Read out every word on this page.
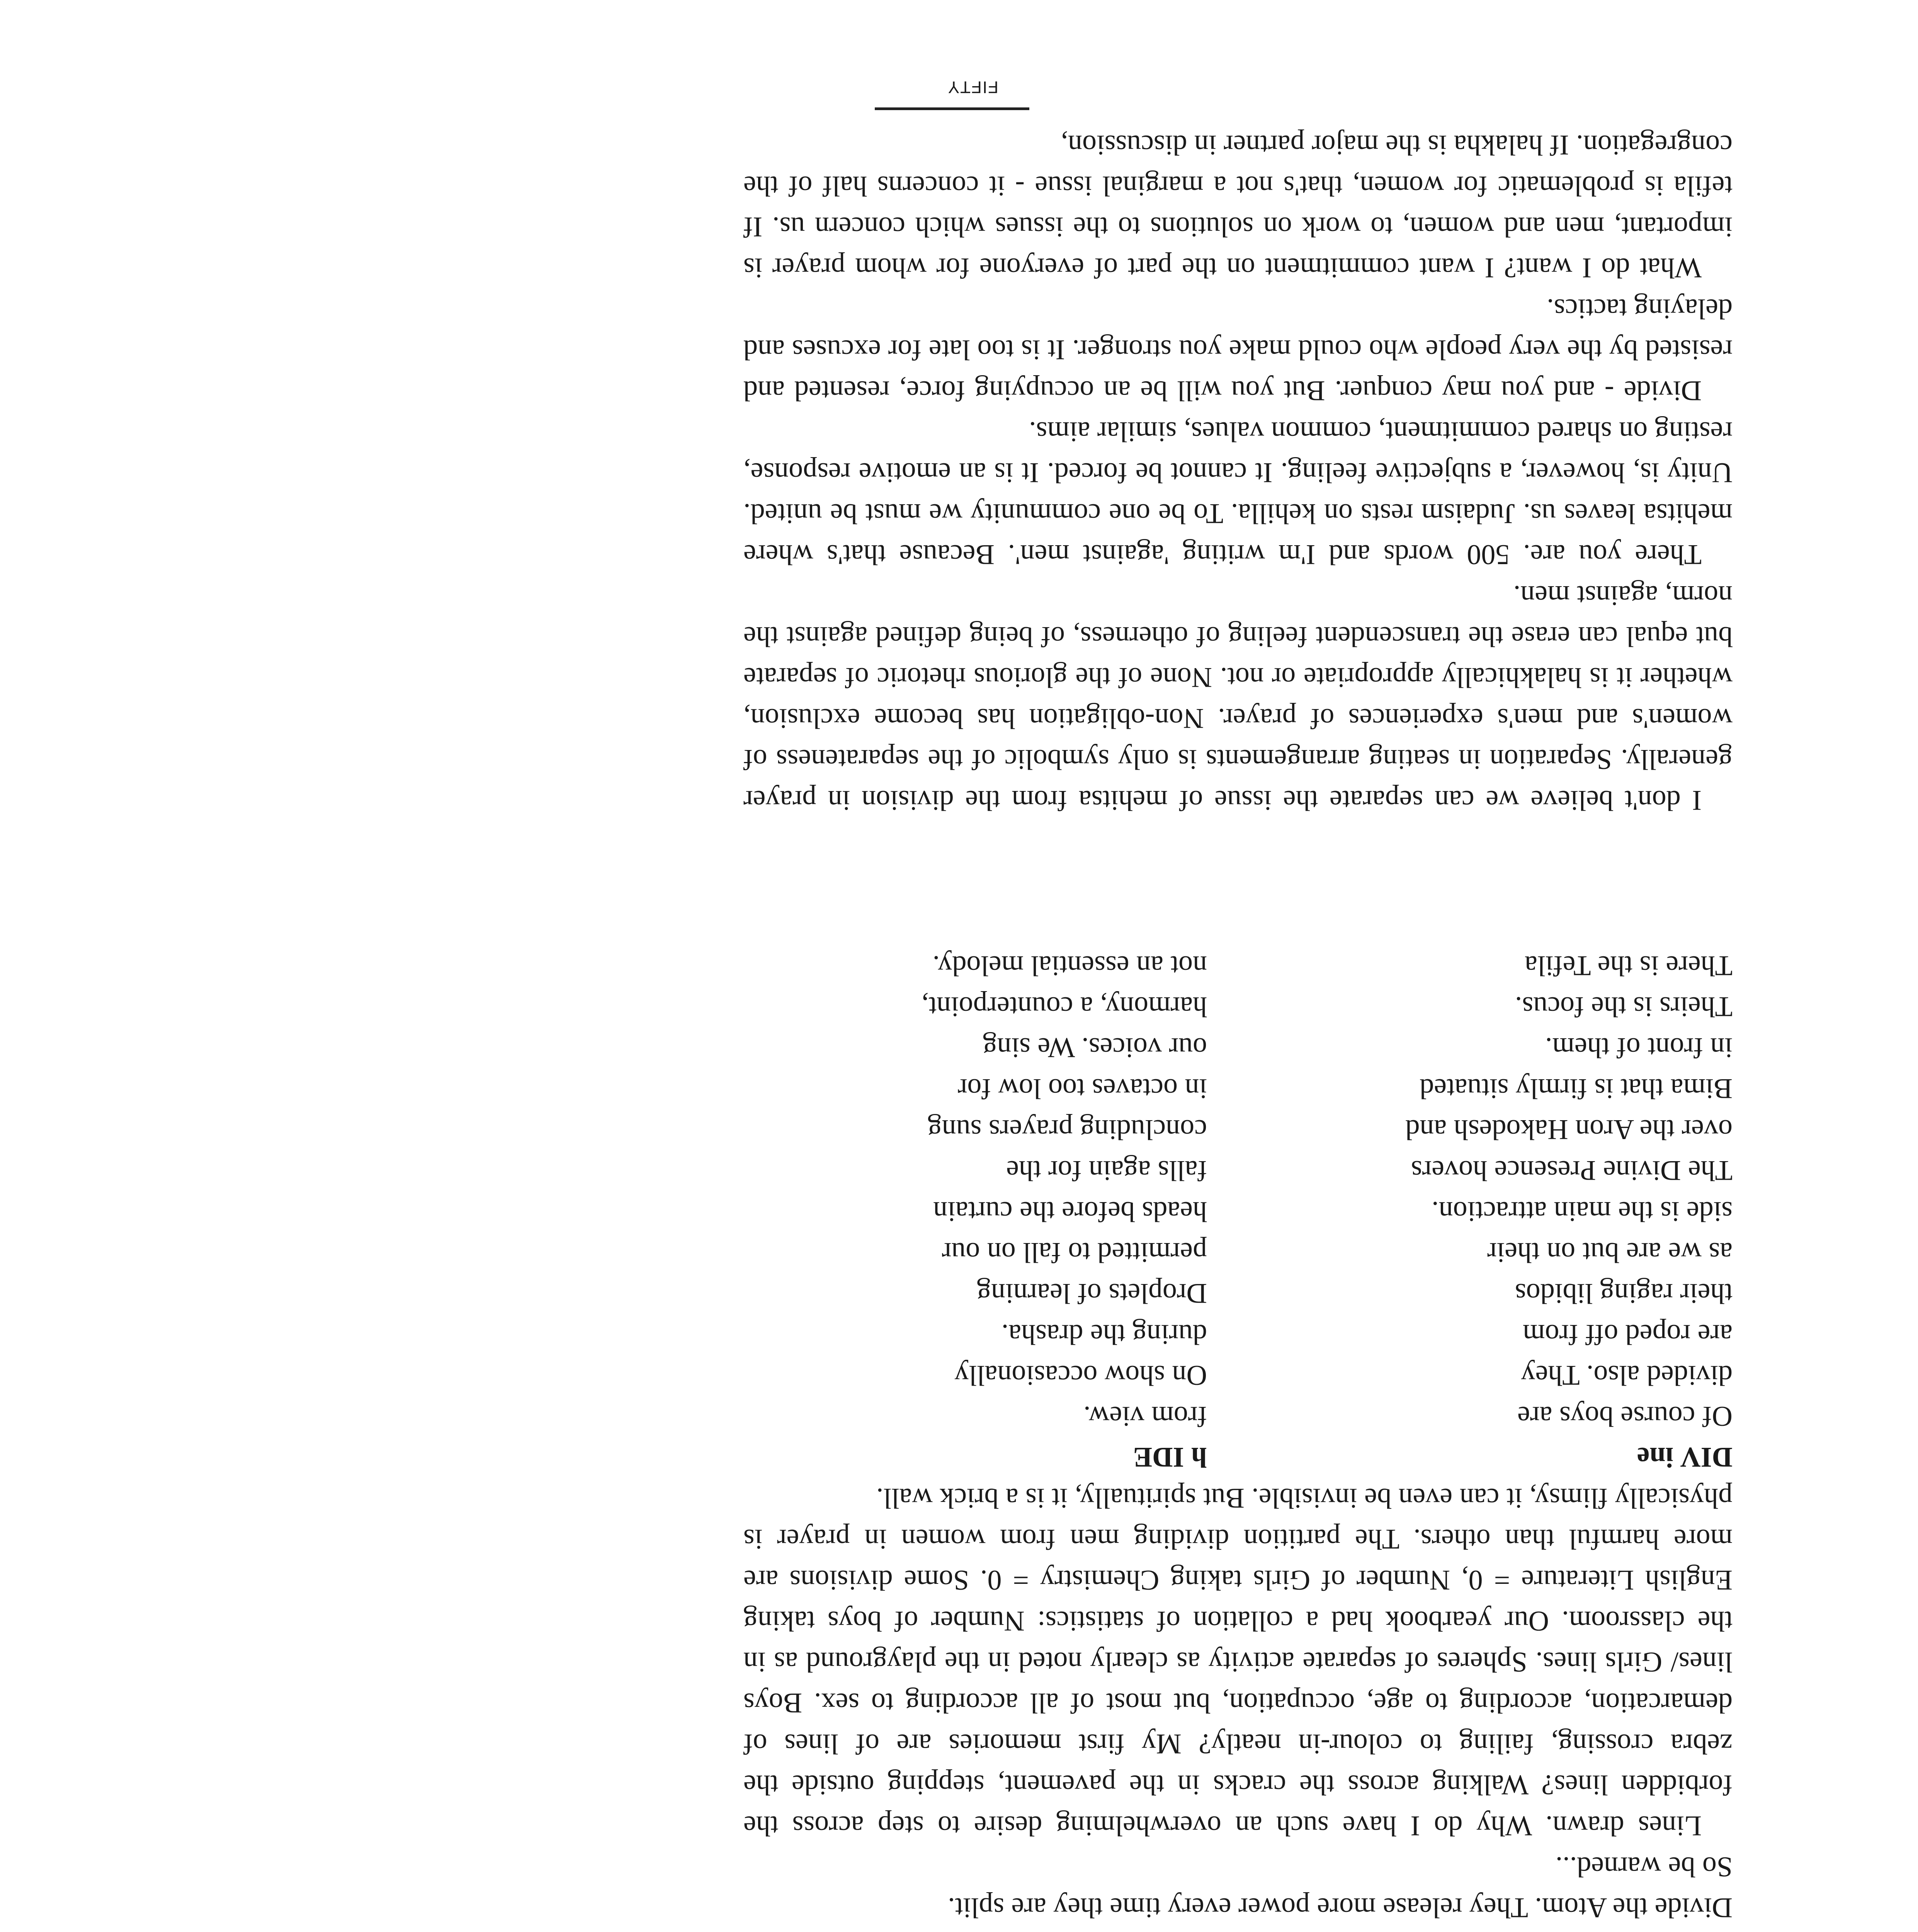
Divide the Atom. They release more power every time they are split.

So be warned...

Lines drawn. Why do I have such an overwhelming desire to step across the forbidden lines? Walking across the cracks in the pavement, stepping outside the zebra crossing, failing to colour-in neatly? My first memories are of lines of demarcation, according to age, occupation, but most of all according to sex. Boys lines/ Girls lines. Spheres of separate activity as clearly noted in the playground as in the classroom. Our yearbook had a collation of statistics: Number of boys taking English Literature = 0, Number of Girls taking Chemistry = 0. Some divisions are more harmful than others. The partition dividing men from women in prayer is physically flimsy, it can even be invisible. But spiritually, it is a brick wall.

DIV ine
Of course boys are
divided also. They
are roped off from
their raging libidos
as we are but on their
side is the main attraction.
The Divine Presence hovers
over the Aron Hakodesh and
Bima that is firmly situated
in front of them.
Theirs is the focus.
There is the Tefila
h IDE
from view.
On show occasionally
during the drasha.
Droplets of learning
permitted to fall on our
heads before the curtain
falls again for the
concluding prayers sung
in octaves too low for
our voices. We sing
harmony, a counterpoint,
not an essential melody.

I don't believe we can separate the issue of mehitsa from the division in prayer generally. Separation in seating arrangements is only symbolic of the separateness of women's and men's experiences of prayer. Non-obligation has become exclusion, whether it is halakhically appropriate or not. None of the glorious rhetoric of separate but equal can erase the transcendent feeling of otherness, of being defined against the norm, against men.

There you are. 500 words and I'm writing 'against men'. Because that's where mehitsa leaves us. Judaism rests on kehilla. To be one community we must be united. Unity is, however, a subjective feeling. It cannot be forced. It is an emotive response, resting on shared commitment, common values, similar aims.

Divide - and you may conquer. But you will be an occupying force, resented and resisted by the very people who could make you stronger. It is too late for excuses and delaying tactics.

What do I want? I want commitment on the part of everyone for whom prayer is important, men and women, to work on solutions to the issues which concern us. If tefila is problematic for women, that's not a marginal issue - it concerns half of the congregation. If halakha is the major partner in discussion,

FIFTY
